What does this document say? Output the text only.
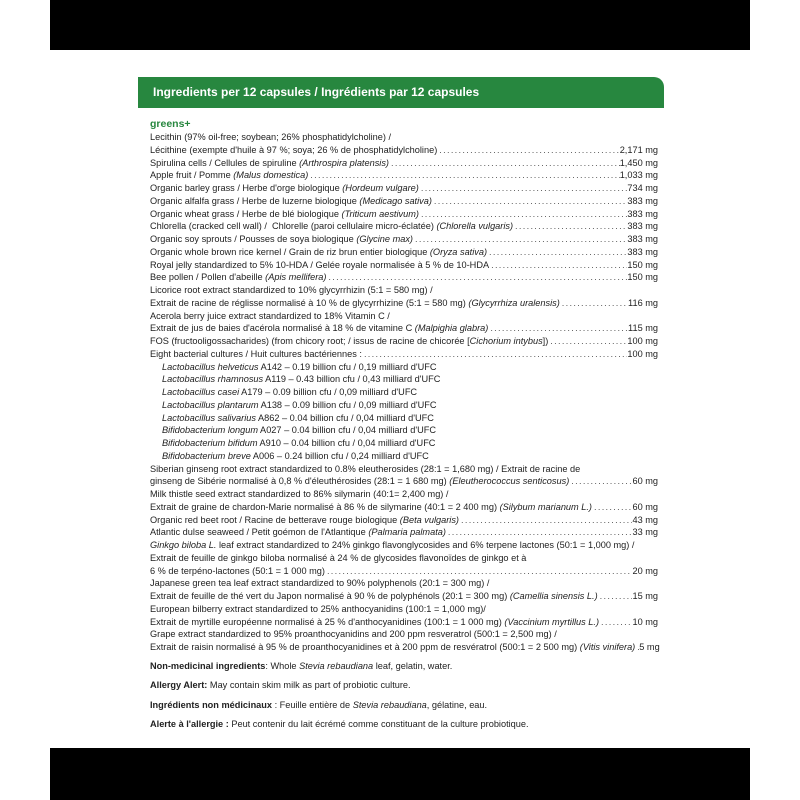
Ingredients per 12 capsules / Ingrédients par 12 capsules
greens+
Lecithin (97% oil-free; soybean; 26% phosphatidylcholine) /
Lécithine (exempte d'huile à 97 %; soya; 26 % de phosphatidylcholine) .....	2,171 mg
Spirulina cells / Cellules de spiruline (Arthrospira platensis) .....	1,450 mg
Apple fruit / Pomme (Malus domestica) .....	1,033 mg
Organic barley grass / Herbe d'orge biologique (Hordeum vulgare) .....	734 mg
Organic alfalfa grass / Herbe de luzerne biologique (Medicago sativa) .....	383 mg
Organic wheat grass / Herbe de blé biologique (Triticum aestivum) .....	383 mg
Chlorella (cracked cell wall) /  Chlorelle (paroi cellulaire micro-éclatée) (Chlorella vulgaris) .....	383 mg
Organic soy sprouts / Pousses de soya biologique (Glycine max) .....	383 mg
Organic whole brown rice kernel / Grain de riz brun entier biologique (Oryza sativa) .....	383 mg
Royal jelly standardized to 5% 10-HDA / Gelée royale normalisée à 5 % de 10-HDA .....	150 mg
Bee pollen / Pollen d'abeille (Apis mellifera) .....	150 mg
Licorice root extract standardized to 10% glycyrrhizin (5:1 = 580 mg) /
Extrait de racine de réglisse normalisé à 10 % de glycyrrhizine (5:1 = 580 mg) (Glycyrrhiza uralensis) .....	116 mg
Acerola berry juice extract standardized to 18% Vitamin C /
Extrait de jus de baies d'acérola normalisé à 18 % de vitamine C (Malpighia glabra) .....	115 mg
FOS (fructooligossacharides) (from chicory root; / issus de racine de chicorée [Cichorium intybus]) .....	100 mg
Eight bacterial cultures / Huit cultures bactériennes : .....	100 mg
Lactobacillus helveticus A142 – 0.19 billion cfu / 0,19 milliard d'UFC
Lactobacillus rhamnosus A119 – 0.43 billion cfu / 0,43 milliard d'UFC
Lactobacillus casei A179 – 0.09 billion cfu / 0,09 milliard d'UFC
Lactobacillus plantarum A138 – 0.09 billion cfu / 0,09 milliard d'UFC
Lactobacillus salivarius A862 – 0.04 billion cfu / 0,04 milliard d'UFC
Bifidobacterium longum A027 – 0.04 billion cfu / 0,04 milliard d'UFC
Bifidobacterium bifidum A910 – 0.04 billion cfu / 0,04 milliard d'UFC
Bifidobacterium breve A006 – 0.24 billion cfu / 0,24 milliard d'UFC
Siberian ginseng root extract standardized to 0.8% eleutherosides (28:1 = 1,680 mg) / Extrait de racine de
ginseng de Sibérie normalisé à 0,8 % d'éleuthérosides (28:1 = 1 680 mg) (Eleutherococcus senticosus) .....	60 mg
Milk thistle seed extract standardized to 86% silymarin (40:1= 2,400 mg) /
Extrait de graine de chardon-Marie normalisé à 86 % de silymarine (40:1 = 2 400 mg) (Silybum marianum L.) .....	60 mg
Organic red beet root / Racine de betterave rouge biologique (Beta vulgaris) .....	43 mg
Atlantic dulse seaweed / Petit goémon de l'Atlantique (Palmaria palmata) .....	33 mg
Ginkgo biloba L. leaf extract standardized to 24% ginkgo flavonglycosides and 6% terpene lactones (50:1 = 1,000 mg) /
Extrait de feuille de ginkgo biloba normalisé à 24 % de glycosides flavonoïdes de ginkgo et à
6 % de terpéno-lactones (50:1 = 1 000 mg) .....	20 mg
Japanese green tea leaf extract standardized to 90% polyphenols (20:1 = 300 mg) /
Extrait de feuille de thé vert du Japon normalisé à 90 % de polyphénols (20:1 = 300 mg) (Camellia sinensis L.) .....	15 mg
European bilberry extract standardized to 25% anthocyanidins (100:1 = 1,000 mg)/
Extrait de myrtille européenne normalisé à 25 % d'anthocyanidines (100:1 = 1 000 mg) (Vaccinium myrtillus L.) .....	10 mg
Grape extract standardized to 95% proanthocyanidins and 200 ppm resveratrol (500:1 = 2,500 mg) /
Extrait de raisin normalisé à 95 % de proanthocyanidines et à 200 ppm de resvératrol (500:1 = 2 500 mg) (Vitis vinifera) ..... 5 mg
Non-medicinal ingredients: Whole Stevia rebaudiana leaf, gelatin, water.
Allergy Alert: May contain skim milk as part of probiotic culture.
Ingrédients non médicinaux : Feuille entière de Stevia rebaudiana, gélatine, eau.
Alerte à l'allergie : Peut contenir du lait écrémé comme constituant de la culture probiotique.
